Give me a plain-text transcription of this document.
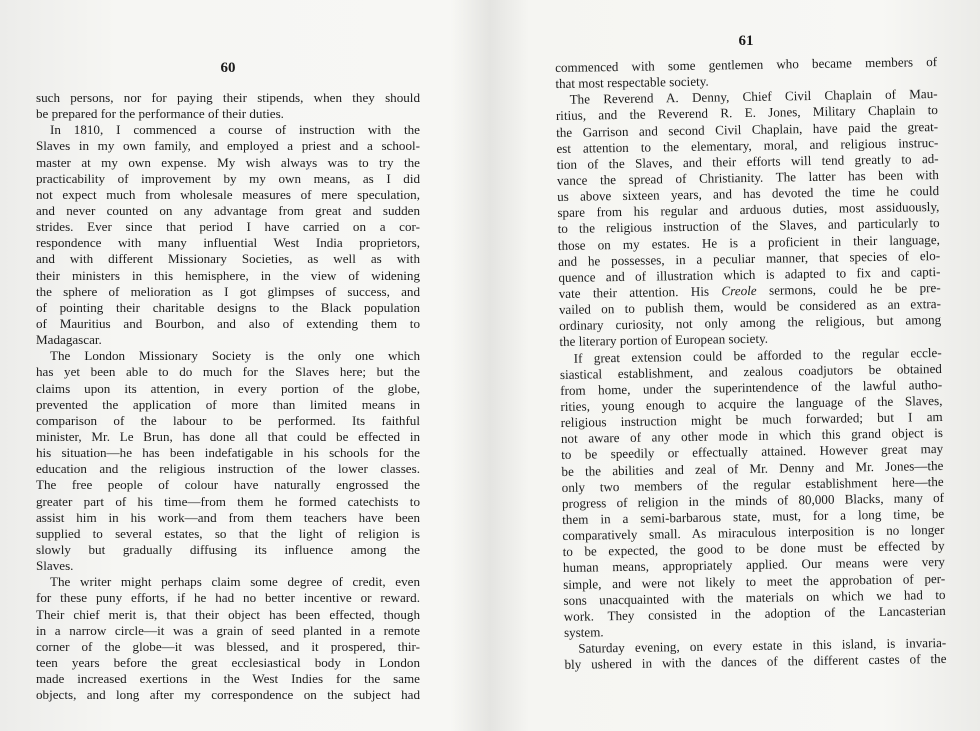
60
such persons, nor for paying their stipends, when they should
be prepared for the performance of their duties.
In 1810, I commenced a course of instruction with the
Slaves in my own family, and employed a priest and a school-
master at my own expense. My wish always was to try the
practicability of improvement by my own means, as I did
not expect much from wholesale measures of mere speculation,
and never counted on any advantage from great and sudden
strides. Ever since that period I have carried on a cor-
respondence with many influential West India proprietors,
and with different Missionary Societies, as well as with
their ministers in this hemisphere, in the view of widening
the sphere of melioration as I got glimpses of success, and
of pointing their charitable designs to the Black population
of Mauritius and Bourbon, and also of extending them to
Madagascar.
The London Missionary Society is the only one which
has yet been able to do much for the Slaves here; but the
claims upon its attention, in every portion of the globe,
prevented the application of more than limited means in
comparison of the labour to be performed. Its faithful
minister, Mr. Le Brun, has done all that could be effected in
his situation—he has been indefatigable in his schools for the
education and the religious instruction of the lower classes.
The free people of colour have naturally engrossed the
greater part of his time—from them he formed catechists to
assist him in his work—and from them teachers have been
supplied to several estates, so that the light of religion is
slowly but gradually diffusing its influence among the
Slaves.
The writer might perhaps claim some degree of credit, even
for these puny efforts, if he had no better incentive or reward.
Their chief merit is, that their object has been effected, though
in a narrow circle—it was a grain of seed planted in a remote
corner of the globe—it was blessed, and it prospered, thir-
teen years before the great ecclesiastical body in London
made increased exertions in the West Indies for the same
objects, and long after my correspondence on the subject had
61
commenced with some gentlemen who became members of
that most respectable society.
The Reverend A. Denny, Chief Civil Chaplain of Mau-
ritius, and the Reverend R. E. Jones, Military Chaplain to
the Garrison and second Civil Chaplain, have paid the great-
est attention to the elementary, moral, and religious instruc-
tion of the Slaves, and their efforts will tend greatly to ad-
vance the spread of Christianity. The latter has been with
us above sixteen years, and has devoted the time he could
spare from his regular and arduous duties, most assiduously,
to the religious instruction of the Slaves, and particularly to
those on my estates. He is a proficient in their language,
and he possesses, in a peculiar manner, that species of elo-
quence and of illustration which is adapted to fix and capti-
vate their attention. His Creole sermons, could he be pre-
vailed on to publish them, would be considered as an extra-
ordinary curiosity, not only among the religious, but among
the literary portion of European society.
If great extension could be afforded to the regular eccle-
siastical establishment, and zealous coadjutors be obtained
from home, under the superintendence of the lawful autho-
rities, young enough to acquire the language of the Slaves,
religious instruction might be much forwarded; but I am
not aware of any other mode in which this grand object is
to be speedily or effectually attained. However great may
be the abilities and zeal of Mr. Denny and Mr. Jones—the
only two members of the regular establishment here—the
progress of religion in the minds of 80,000 Blacks, many of
them in a semi-barbarous state, must, for a long time, be
comparatively small. As miraculous interposition is no longer
to be expected, the good to be done must be effected by
human means, appropriately applied. Our means were very
simple, and were not likely to meet the approbation of per-
sons unacquainted with the materials on which we had to
work. They consisted in the adoption of the Lancasterian
system.
Saturday evening, on every estate in this island, is invaria-
bly ushered in with the dances of the different castes of the
